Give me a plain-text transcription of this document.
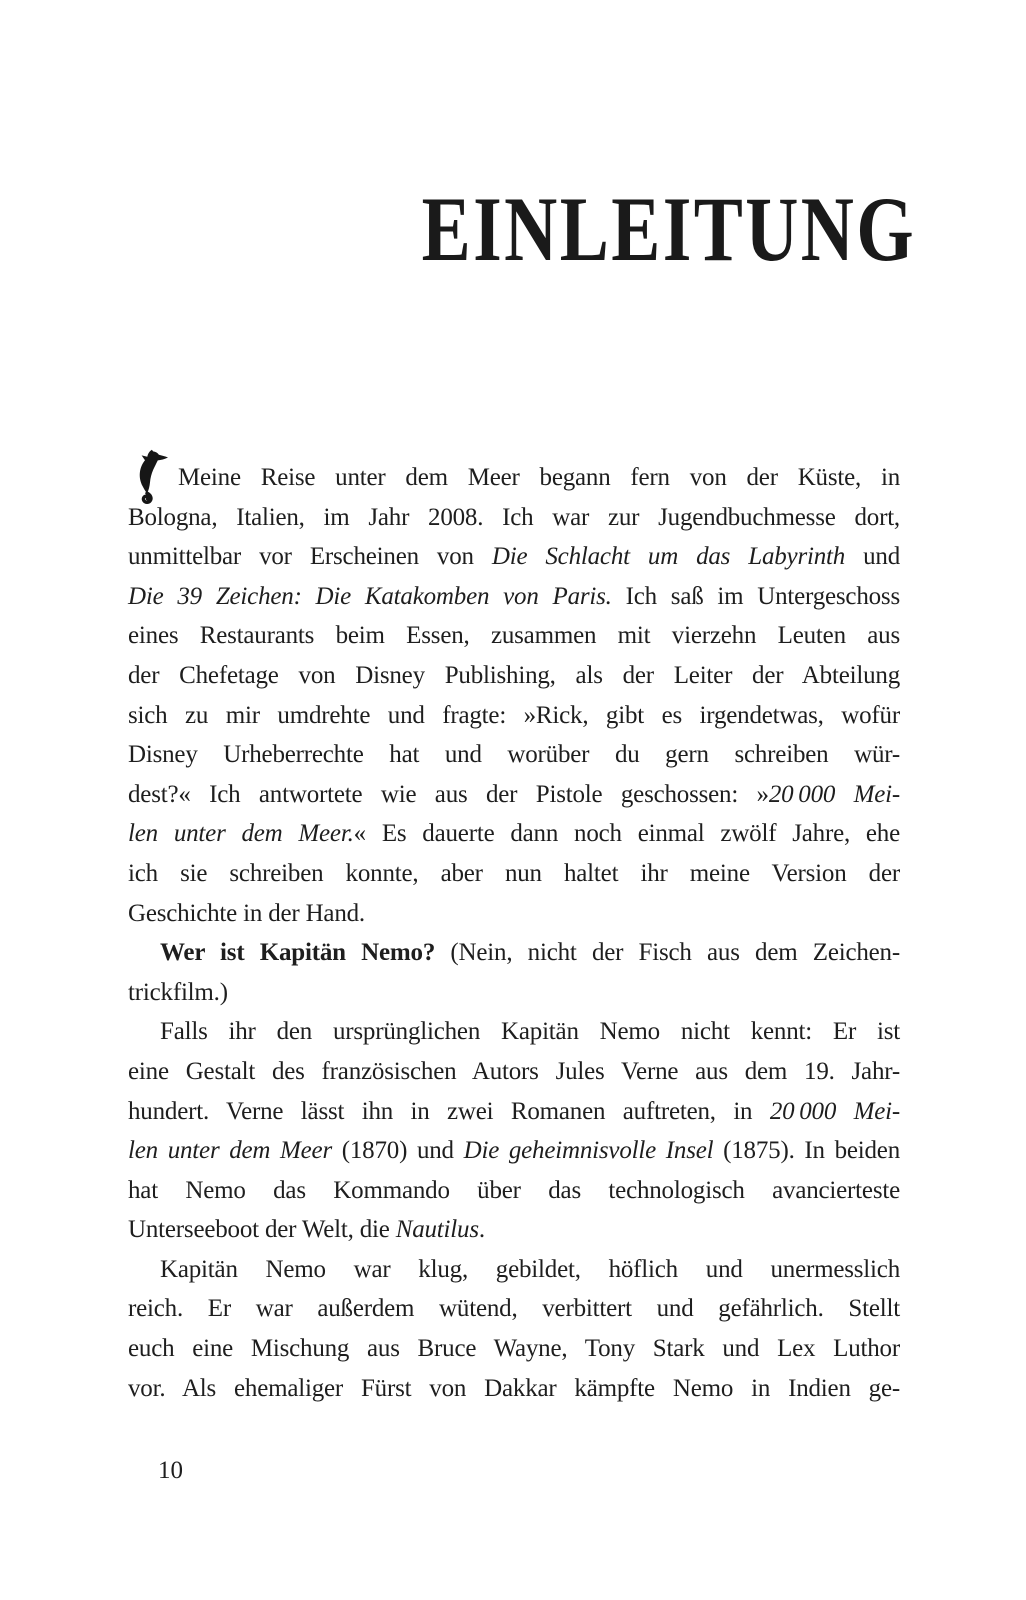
EINLEITUNG
Meine Reise unter dem Meer begann fern von der Küste, in
Bologna, Italien, im Jahr 2008. Ich war zur Jugendbuchmesse dort,
unmittelbar vor Erscheinen von Die Schlacht um das Labyrinth und
Die 39 Zeichen: Die Katakomben von Paris. Ich saß im Untergeschoss
eines Restaurants beim Essen, zusammen mit vierzehn Leuten aus
der Chefetage von Disney Publishing, als der Leiter der Abteilung
sich zu mir umdrehte und fragte: »Rick, gibt es irgendetwas, wofür
Disney Urheberrechte hat und worüber du gern schreiben wür-
dest?« Ich antwortete wie aus der Pistole geschossen: »20 000 Mei-
len unter dem Meer.« Es dauerte dann noch einmal zwölf Jahre, ehe
ich sie schreiben konnte, aber nun haltet ihr meine Version der
Geschichte in der Hand.
Wer ist Kapitän Nemo? (Nein, nicht der Fisch aus dem Zeichen-
trickfilm.)
Falls ihr den ursprünglichen Kapitän Nemo nicht kennt: Er ist
eine Gestalt des französischen Autors Jules Verne aus dem 19. Jahr-
hundert. Verne lässt ihn in zwei Romanen auftreten, in 20 000 Mei-
len unter dem Meer (1870) und Die geheimnisvolle Insel (1875). In beiden
hat Nemo das Kommando über das technologisch avancierteste
Unterseeboot der Welt, die Nautilus.
Kapitän Nemo war klug, gebildet, höflich und unermesslich
reich. Er war außerdem wütend, verbittert und gefährlich. Stellt
euch eine Mischung aus Bruce Wayne, Tony Stark und Lex Luthor
vor. Als ehemaliger Fürst von Dakkar kämpfte Nemo in Indien ge-
10
